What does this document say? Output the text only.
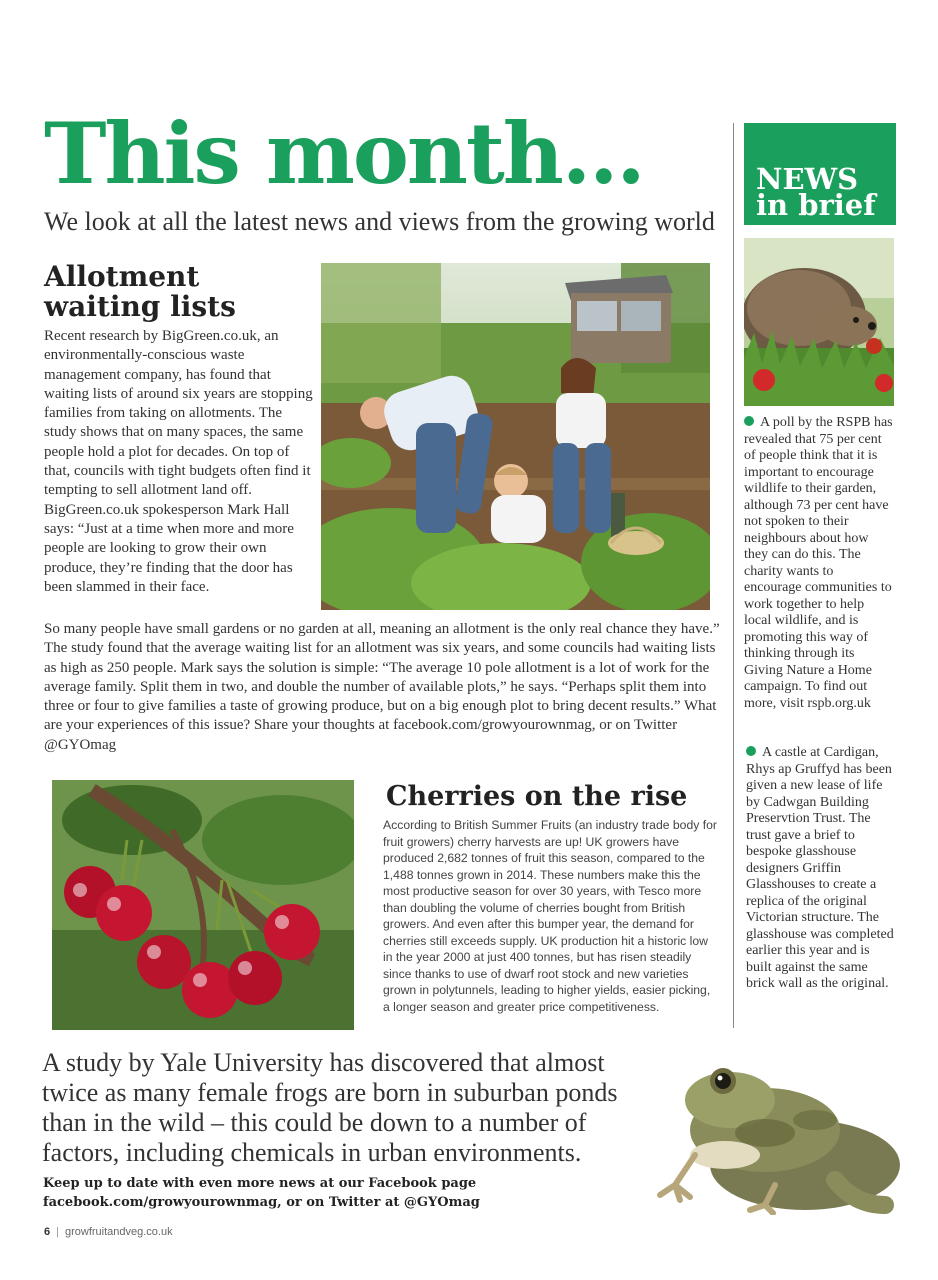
This month...
We look at all the latest news and views from the growing world
Allotment
waiting lists
Recent research by BigGreen.co.uk, an environmentally-conscious waste management company, has found that waiting lists of around six years are stopping families from taking on allotments. The study shows that on many spaces, the same people hold a plot for decades. On top of that, councils with tight budgets often find it tempting to sell allotment land off. BigGreen.co.uk spokesperson Mark Hall says: “Just at a time when more and more people are looking to grow their own produce, they’re finding that the door has been slammed in their face.
So many people have small gardens or no garden at all, meaning an allotment is the only real chance they have.” The study found that the average waiting list for an allotment was six years, and some councils had waiting lists as high as 250 people. Mark says the solution is simple: “The average 10 pole allotment is a lot of work for the average family. Split them in two, and double the number of available plots,” he says. “Perhaps split them into three or four to give families a taste of growing produce, but on a big enough plot to bring decent results.” What are your experiences of this issue? Share your thoughts at facebook.com/growyourownmag, or on Twitter @GYOmag
Cherries on the rise
According to British Summer Fruits (an industry trade body for fruit growers) cherry harvests are up! UK growers have produced 2,682 tonnes of fruit this season, compared to the 1,488 tonnes grown in 2014. These numbers make this the most productive season for over 30 years, with Tesco more than doubling the volume of cherries bought from British growers. And even after this bumper year, the demand for cherries still exceeds supply. UK production hit a historic low in the year 2000 at just 400 tonnes, but has risen steadily since thanks to use of dwarf root stock and new varieties grown in polytunnels, leading to higher yields, easier picking, a longer season and greater price competitiveness.
A study by Yale University has discovered that almost twice as many female frogs are born in suburban ponds than in the wild – this could be down to a number of factors, including chemicals in urban environments.
Keep up to date with even more news at our Facebook page
facebook.com/growyourownmag, or on Twitter at @GYOmag
6 | growfruitandveg.co.uk
NEWS
in brief
A poll by the RSPB has revealed that 75 per cent of people think that it is important to encourage wildlife to their garden, although 73 per cent have not spoken to their neighbours about how they can do this. The charity wants to encourage communities to work together to help local wildlife, and is promoting this way of thinking through its Giving Nature a Home campaign. To find out more, visit rspb.org.uk
A castle at Cardigan, Rhys ap Gruffyd has been given a new lease of life by Cadwgan Building Preservtion Trust. The trust gave a brief to bespoke glasshouse designers Griffin Glasshouses to create a replica of the original Victorian structure. The glasshouse was completed earlier this year and is built against the same brick wall as the original.
